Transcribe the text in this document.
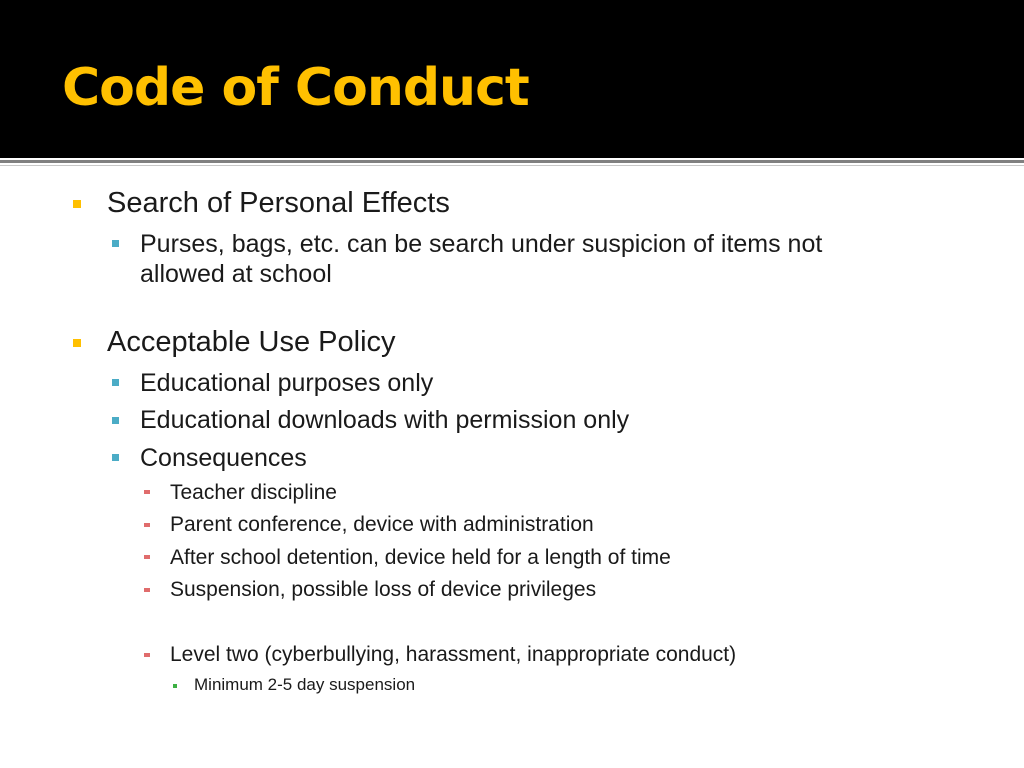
Code of Conduct
Search of Personal Effects
Purses, bags, etc. can be search under suspicion of items not
allowed at school
Acceptable Use Policy
Educational purposes only
Educational downloads with permission only
Consequences
Teacher discipline
Parent conference, device with administration
After school detention, device held for a length of time
Suspension, possible loss of device privileges
Level two (cyberbullying, harassment, inappropriate conduct)
Minimum 2-5 day suspension
